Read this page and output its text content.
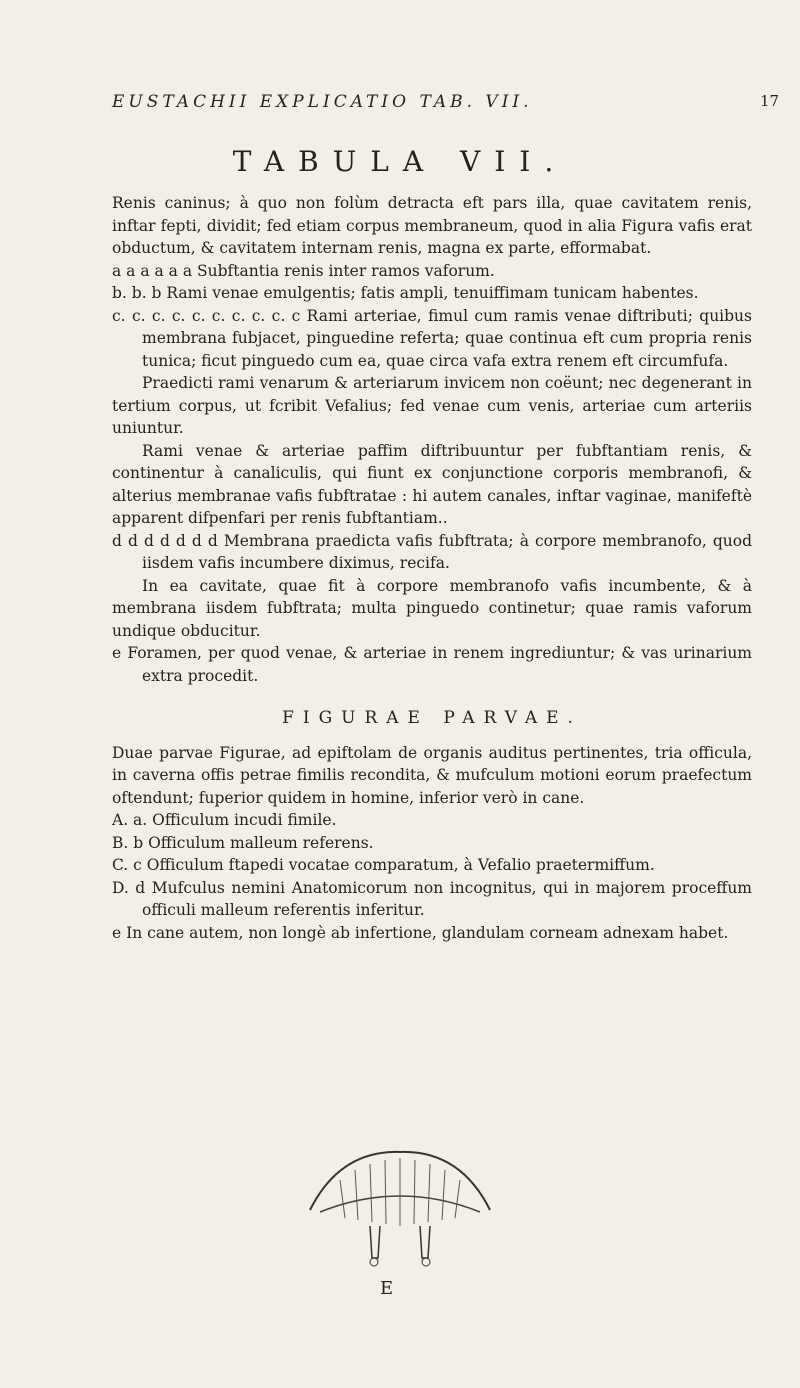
EUSTACHII EXPLICATIO TAB. VII.	17
TABULA VII.

Renis caninus; à quo non folùm detracta eft pars illa, quae cavitatem renis, inftar fepti, dividit; fed etiam corpus membraneum, quod in alia Figura vafis erat obductum, & cavitatem internam renis, magna ex parte, efformabat.

a a a a a a Subftantia renis inter ramos vaforum.

b. b. b Rami venae emulgentis; fatis ampli, tenuiffimam tunicam habentes.

c. c. c. c. c. c. c. c. c. c Rami arteriae, fimul cum ramis venae diftributi; quibus membrana fubjacet, pinguedine referta; quae continua eft cum propria renis tunica; ficut pinguedo cum ea, quae circa vafa extra renem eft circumfufa.

Praedicti rami venarum & arteriarum invicem non coëunt; nec degenerant in tertium corpus, ut fcribit Vefalius; fed venae cum venis, arteriae cum arteriis uniuntur.

Rami venae & arteriae paffim diftribuuntur per fubftantiam renis, & continentur à canaliculis, qui fiunt ex conjunctione corporis membranofi, & alterius membranae vafis fubftratae : hi autem canales, inftar vaginae, manifeftè apparent difpenfari per renis fubftantiam..

d d d d d d d Membrana praedicta vafis fubftrata; à corpore membranofo, quod iisdem vafis incumbere diximus, recifa.

In ea cavitate, quae fit à corpore membranofo vafis incumbente, & à membrana iisdem fubftrata; multa pinguedo continetur; quae ramis vaforum undique obducitur.

e Foramen, per quod venae, & arteriae in renem ingrediuntur; & vas urinarium extra procedit.

FIGURAE PARVAE.

Duae parvae Figurae, ad epiftolam de organis auditus pertinentes, tria officula, in caverna offis petrae fimilis recondita, & mufculum motioni eorum praefectum oftendunt; fuperior quidem in homine, inferior verò in cane.

A. a. Officulum incudi fimile.

B. b Officulum malleum referens.

C. c Officulum ftapedi vocatae comparatum, à Vefalio praetermiffum.

D. d Mufculus nemini Anatomicorum non incognitus, qui in majorem proceffum officuli malleum referentis inferitur.

e In cane autem, non longè ab infertione, glandulam corneam adnexam habet.

E
